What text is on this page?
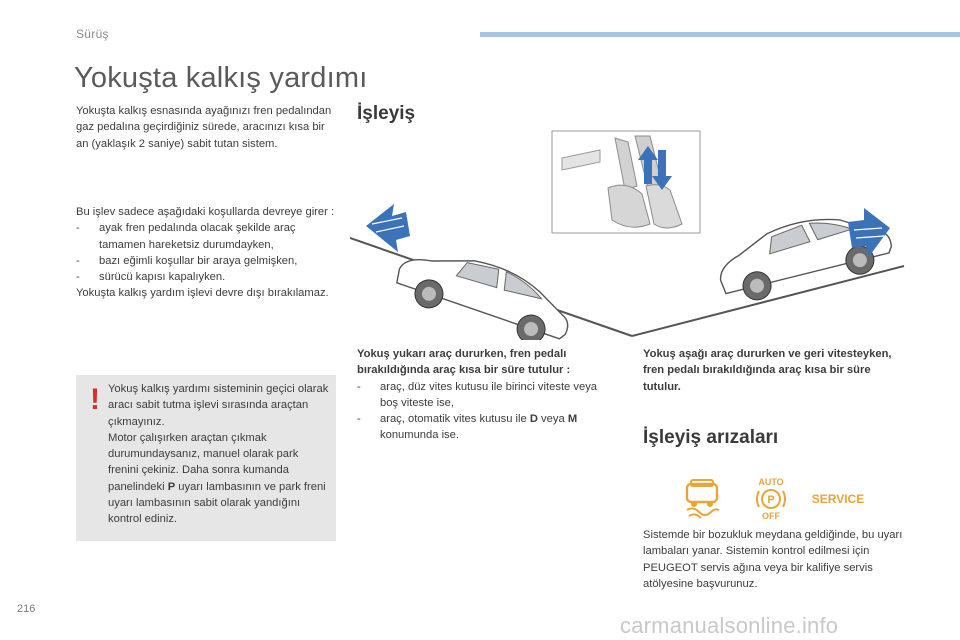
Sürüş
Yokuşta kalkış yardımı
Yokuşta kalkış esnasında ayağınızı fren pedalından gaz pedalına geçirdiğiniz sürede, aracınızı kısa bir an (yaklaşık 2 saniye) sabit tutan sistem.
Bu işlev sadece aşağıdaki koşullarda devreye girer :
- ayak fren pedalında olacak şekilde araç tamamen hareketsiz durumdayken,
- bazı eğimli koşullar bir araya gelmişken,
- sürücü kapısı kapalıyken.
Yokuşta kalkış yardım işlevi devre dışı bırakılamaz.
! Yokuş kalkış yardımı sisteminin geçici olarak aracı sabit tutma işlevi sırasında araçtan çıkmayınız.
Motor çalışırken araçtan çıkmak durumundaysanız, manuel olarak park frenini çekiniz. Daha sonra kumanda panelindeki P uyarı lambasının ve park freni uyarı lambasının sabit olarak yandığını kontrol ediniz.
İşleyiş
Yokuş yukarı araç dururken, fren pedalı bırakıldığında araç kısa bir süre tutulur :
- araç, düz vites kutusu ile birinci viteste veya boş viteste ise,
- araç, otomatik vites kutusu ile D veya M konumunda ise.
Yokuş aşağı araç dururken ve geri vitesteyken, fren pedalı bırakıldığında araç kısa bir süre tutulur.
İşleyiş arızaları
AUTO
P
OFF
SERVICE
Sistemde bir bozukluk meydana geldiğinde, bu uyarı lambaları yanar. Sistemin kontrol edilmesi için PEUGEOT servis ağına veya bir kalifiye servis atölyesine başvurunuz.
216
carmanualsonline.info
